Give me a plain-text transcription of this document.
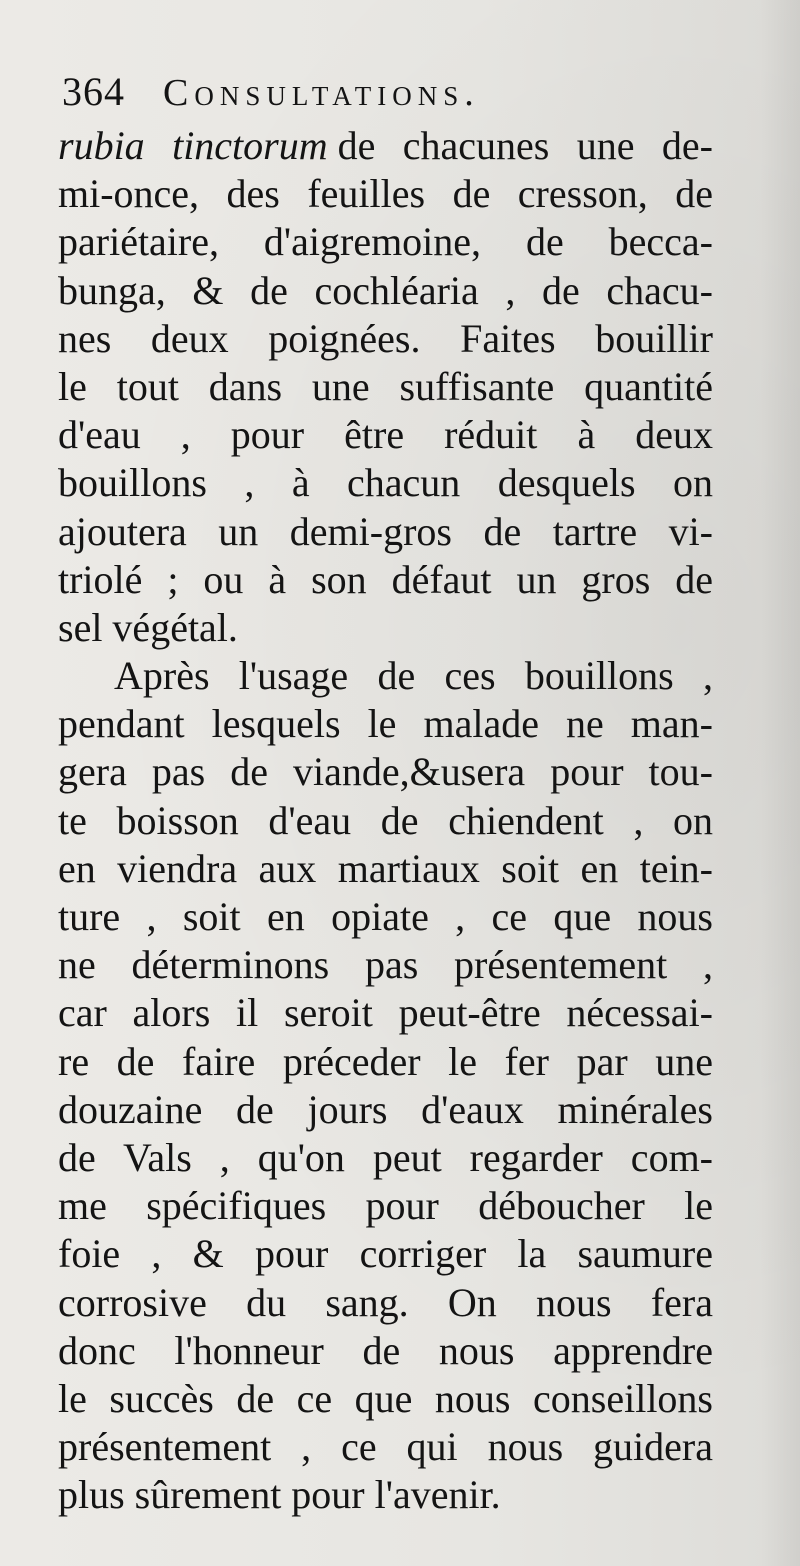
364 Consultations.
rubia tinctorum de chacunes une de-
mi-once, des feuilles de cresson, de
pariétaire, d'aigremoine, de becca-
bunga, & de cochléaria , de chacu-
nes deux poignées. Faites bouillir
le tout dans une suffisante quantité
d'eau , pour être réduit à deux
bouillons , à chacun desquels on
ajoutera un demi-gros de tartre vi-
triolé ; ou à son défaut un gros de
sel végétal.
Après l'usage de ces bouillons ,
pendant lesquels le malade ne man-
gera pas de viande,&usera pour tou-
te boisson d'eau de chiendent , on
en viendra aux martiaux soit en tein-
ture , soit en opiate , ce que nous
ne déterminons pas présentement ,
car alors il seroit peut-être nécessai-
re de faire préceder le fer par une
douzaine de jours d'eaux minérales
de Vals , qu'on peut regarder com-
me spécifiques pour déboucher le
foie , & pour corriger la saumure
corrosive du sang. On nous fera
donc l'honneur de nous apprendre
le succès de ce que nous conseillons
présentement , ce qui nous guidera
plus sûrement pour l'avenir.
